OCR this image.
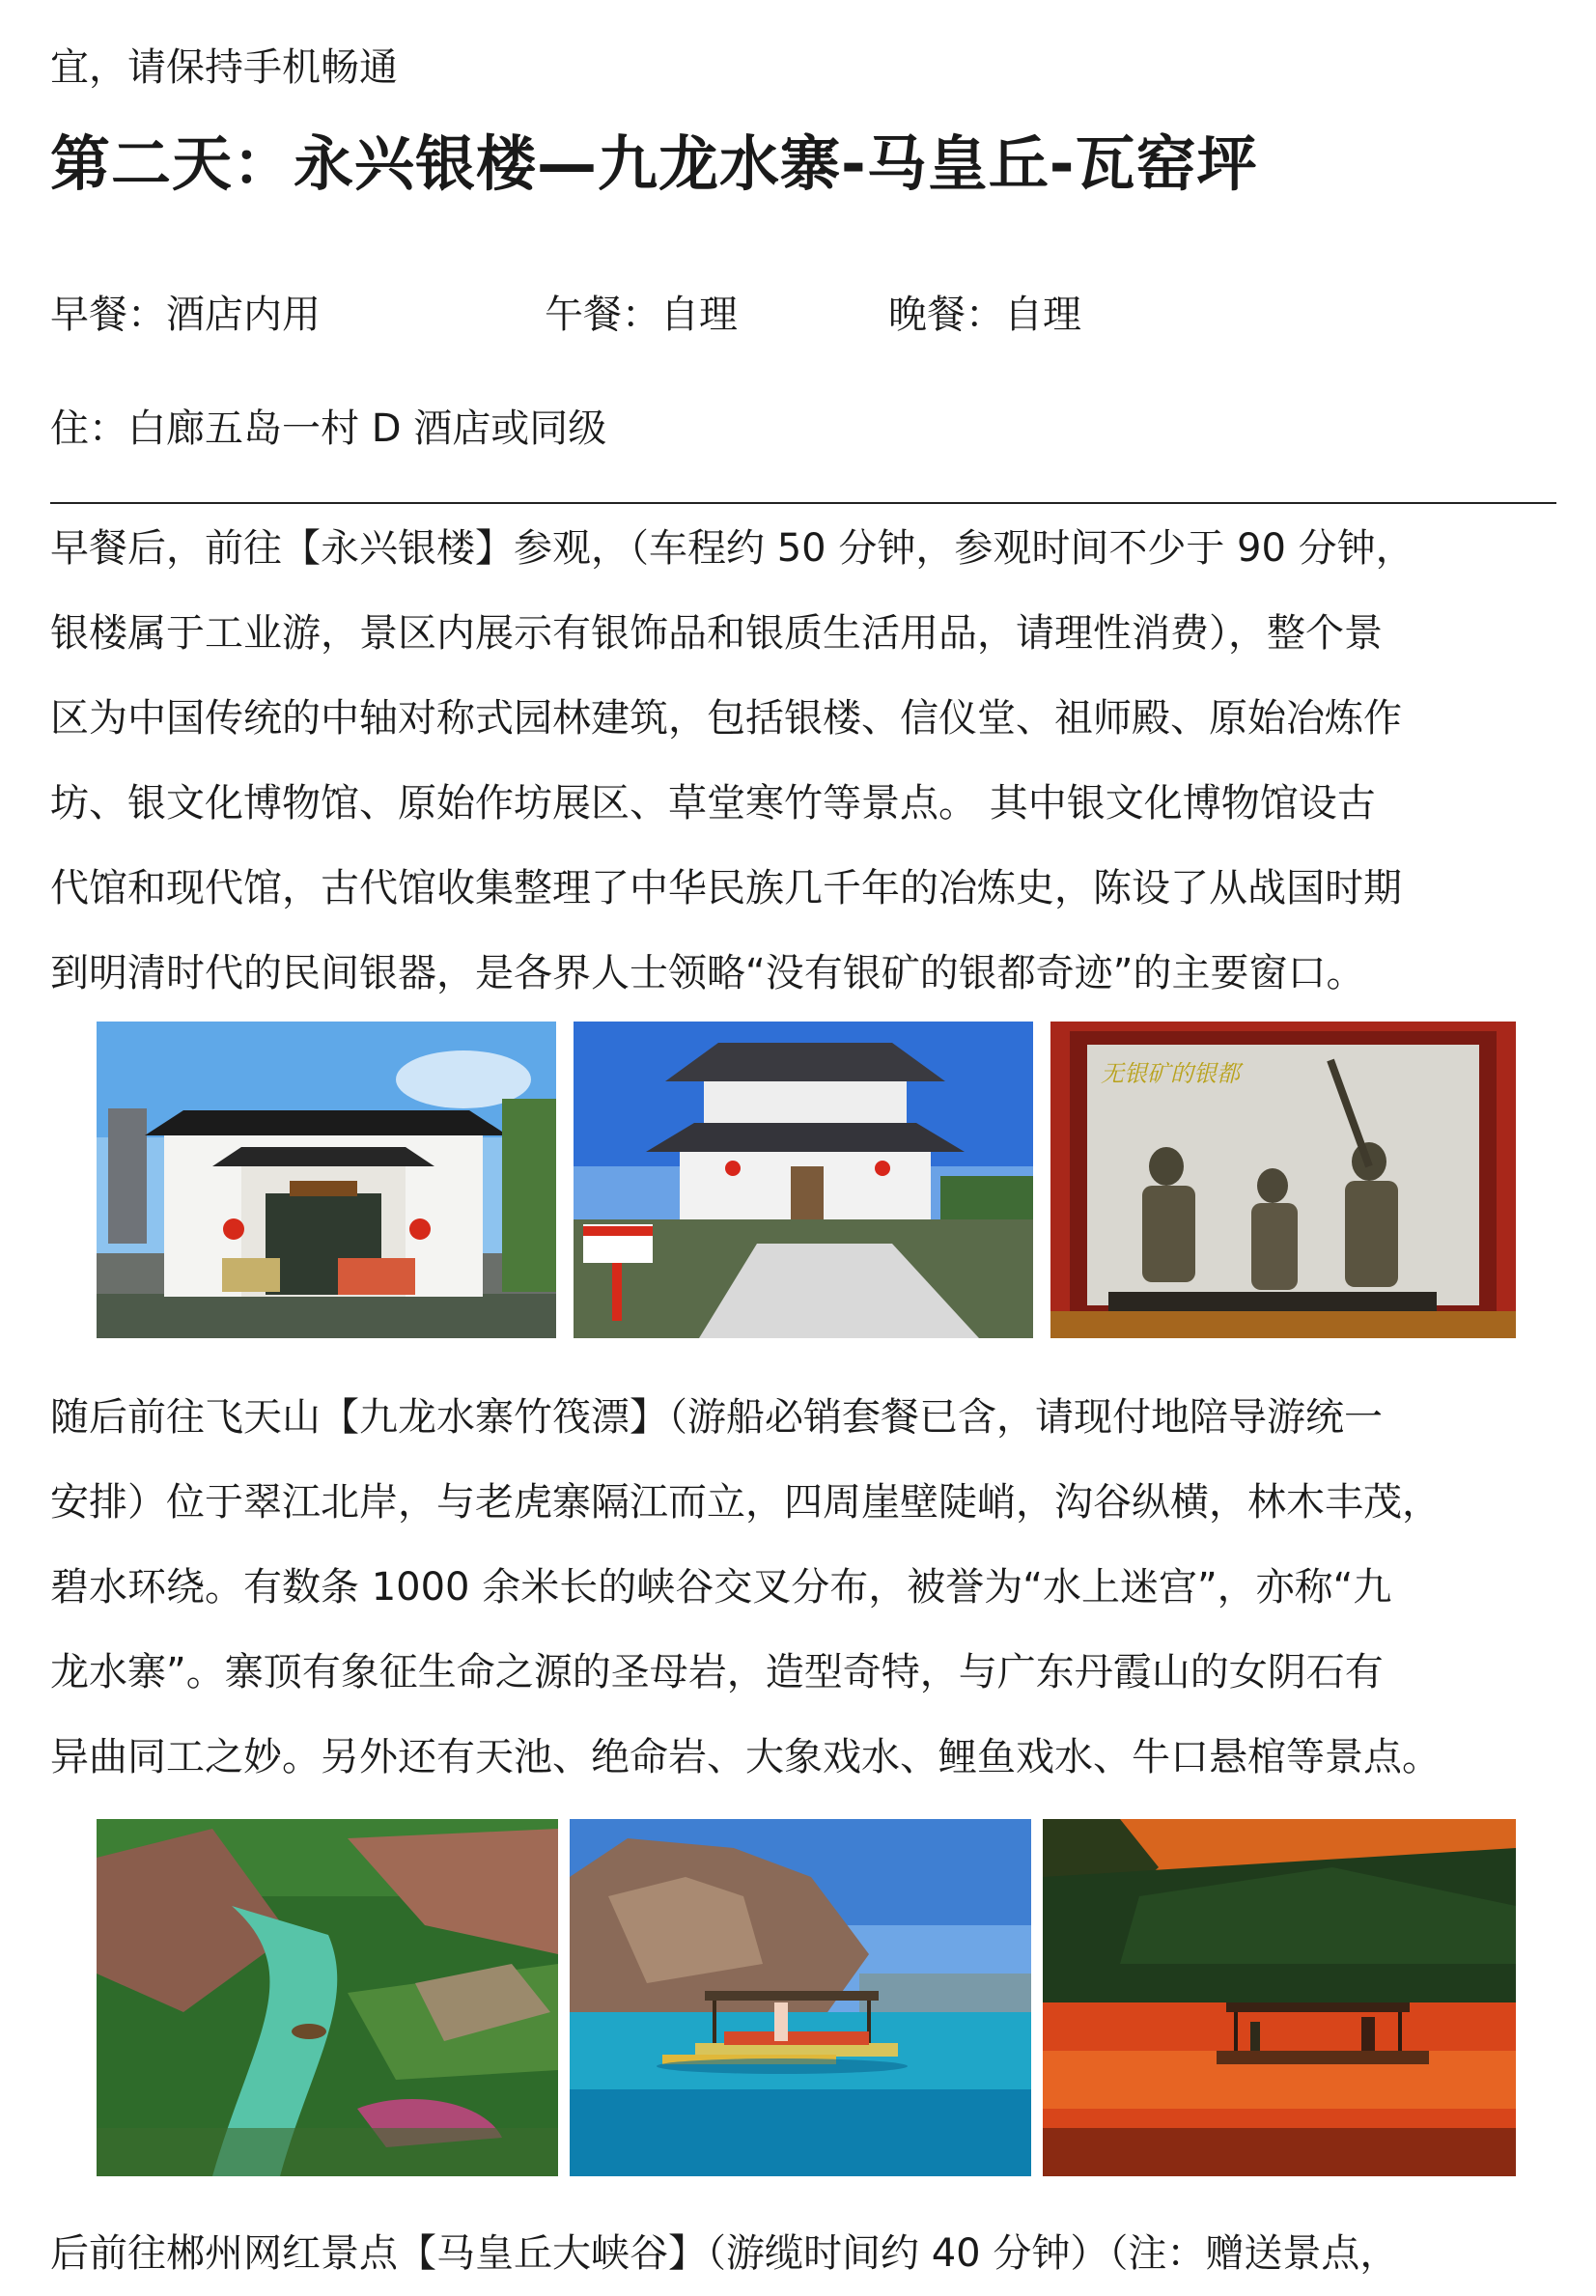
宜，请保持手机畅通
第二天：永兴银楼—九龙水寨-马皇丘-瓦窑坪
早餐：酒店内用	午餐：自理	晚餐：自理
住：白廊五岛一村 D 酒店或同级
早餐后，前往【永兴银楼】参观，（车程约 50 分钟，参观时间不少于 90 分钟，
银楼属于工业游，景区内展示有银饰品和银质生活用品，请理性消费），整个景
区为中国传统的中轴对称式园林建筑，包括银楼、信仪堂、祖师殿、原始冶炼作
坊、银文化博物馆、原始作坊展区、草堂寒竹等景点。 其中银文化博物馆设古
代馆和现代馆，古代馆收集整理了中华民族几千年的冶炼史，陈设了从战国时期
到明清时代的民间银器，是各界人士领略“没有银矿的银都奇迹”的主要窗口。
无银矿的银都
随后前往飞天山【九龙水寨竹筏漂】（游船必销套餐已含，请现付地陪导游统一
安排）位于翠江北岸，与老虎寨隔江而立，四周崖壁陡峭，沟谷纵横，林木丰茂，
碧水环绕。有数条 1000 余米长的峡谷交叉分布，被誉为“水上迷宫”，亦称“九
龙水寨”。寨顶有象征生命之源的圣母岩，造型奇特，与广东丹霞山的女阴石有
异曲同工之妙。另外还有天池、绝命岩、大象戏水、鲤鱼戏水、牛口悬棺等景点。
后前往郴州网红景点【马皇丘大峡谷】（游缆时间约 40 分钟）（注：赠送景点，
